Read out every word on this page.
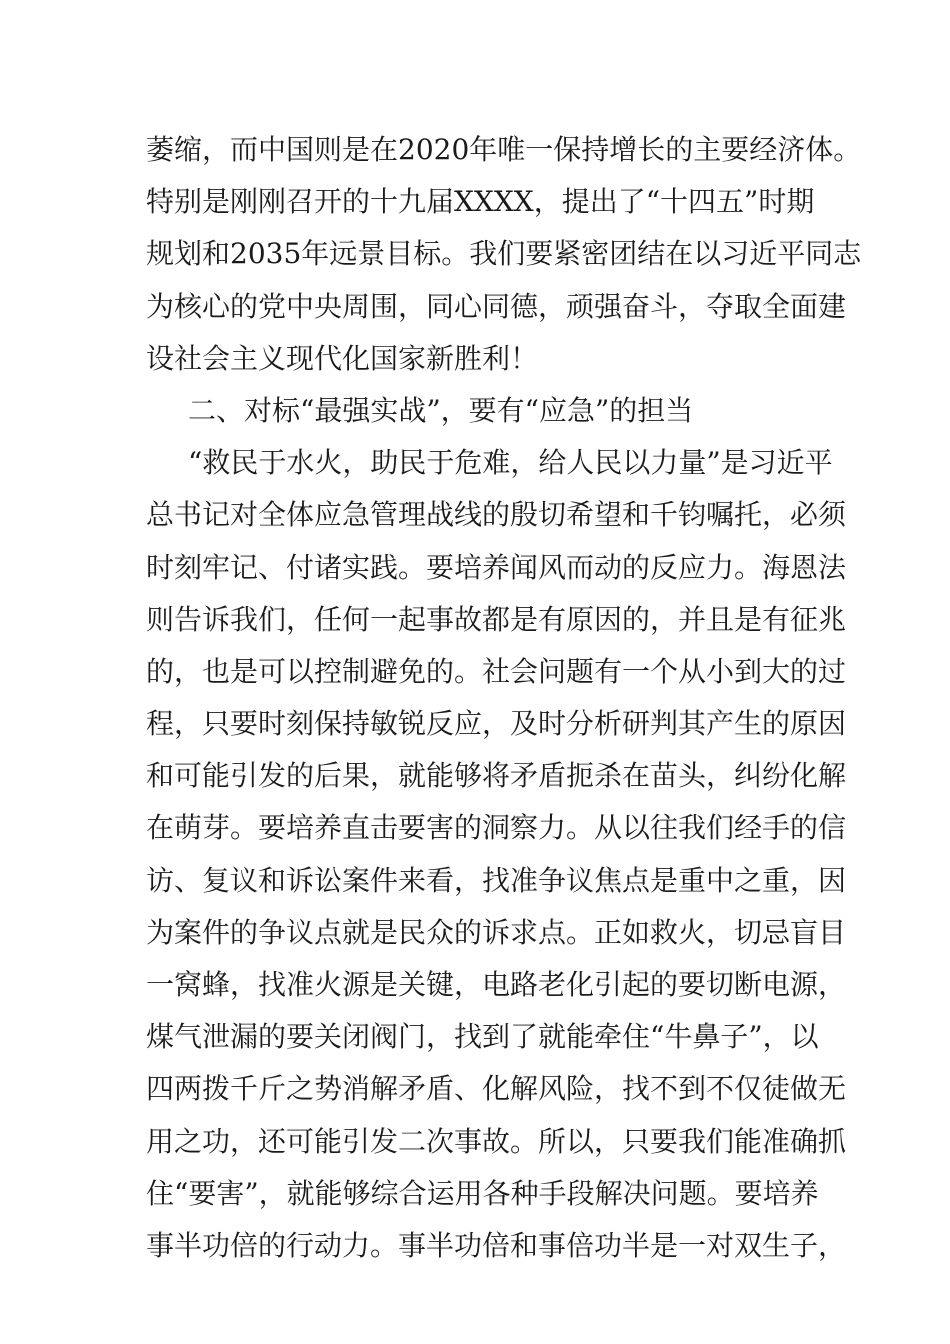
萎缩，而中国则是在2020年唯一保持增长的主要经济体。
特别是刚刚召开的十九届XXXX，提出了“十四五”时期
规划和2035年远景目标。我们要紧密团结在以习近平同志
为核心的党中央周围，同心同德，顽强奋斗，夺取全面建
设社会主义现代化国家新胜利！
二、对标“最强实战”，要有“应急”的担当
“救民于水火，助民于危难，给人民以力量”是习近平
总书记对全体应急管理战线的殷切希望和千钧嘱托，必须
时刻牢记、付诸实践。要培养闻风而动的反应力。海恩法
则告诉我们，任何一起事故都是有原因的，并且是有征兆
的，也是可以控制避免的。社会问题有一个从小到大的过
程，只要时刻保持敏锐反应，及时分析研判其产生的原因
和可能引发的后果，就能够将矛盾扼杀在苗头，纠纷化解
在萌芽。要培养直击要害的洞察力。从以往我们经手的信
访、复议和诉讼案件来看，找准争议焦点是重中之重，因
为案件的争议点就是民众的诉求点。正如救火，切忌盲目
一窝蜂，找准火源是关键，电路老化引起的要切断电源，
煤气泄漏的要关闭阀门，找到了就能牵住“牛鼻子”，以
四两拨千斤之势消解矛盾、化解风险，找不到不仅徒做无
用之功，还可能引发二次事故。所以，只要我们能准确抓
住“要害”，就能够综合运用各种手段解决问题。要培养
事半功倍的行动力。事半功倍和事倍功半是一对双生子，
